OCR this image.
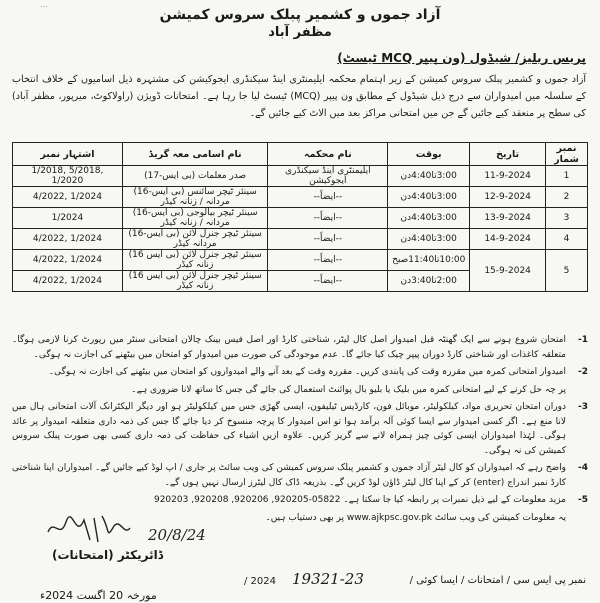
...
آزاد جموں و کشمیر پبلک سروس کمیشن
مظفر آباد
پریس ریلیز/ شیڈول (ون پیپر MCQ ٹیسٹ)
آزاد جموں و کشمیر پبلک سروس کمیشن کے زیر اہتمام محکمہ ایلیمنٹری اینڈ سیکنڈری ایجوکیشن کی مشتہرہ ذیل اسامیوں کے خلاف انتخاب کے سلسلہ میں امیدواران سے درج ذیل شیڈول کے مطابق ون پیپر (MCQ) ٹیسٹ لیا جا رہا ہے۔ امتحانات ڈویژن (راولاکوٹ، میرپور، مظفر آباد) کی سطح پر منعقد کیے جائیں گے جن میں امتحانی مراکز بعد میں الاٹ کیے جائیں گے۔
نمبر شمار	تاریخ	بوقت	نام محکمہ	نام اسامی معہ گریڈ	اشتہار نمبر
1	11-9-2024	3:00تا4:40دن	ایلیمنٹری اینڈ سیکنڈری ایجوکیشن	صدر معلمات (بی ایس-17)	1/2018, 5/2018, 1/2020
2	12-9-2024	3:00تا4:40دن	--ایضاً--	سینئر ٹیچر سائنس (بی ایس-16) مردانہ / زنانہ کیڈر	4/2022, 1/2024
3	13-9-2024	3:00تا4:40دن	--ایضاً--	سینئر ٹیچر بیالوجی (بی ایس-16) مردانہ / زنانہ کیڈر	1/2024
4	14-9-2024	3:00تا4:40دن	--ایضاً--	سینئر ٹیچر جنرل لائن (بی ایس-16) مردانہ کیڈر	4/2022, 1/2024
5	15-9-2024	10:00تا11:40صبح	--ایضاً--	سینئر ٹیچر جنرل لائن (بی ایس 16) زنانہ کیڈر	4/2022, 1/2024
		2:00تا3:40دن	--ایضاً--	سینئر ٹیچر جنرل لائن (بی ایس 16) زنانہ کیڈر	4/2022, 1/2024
1-
امتحان شروع ہونے سے ایک گھنٹہ قبل امیدوار اصل کال لیٹر، شناختی کارڈ اور اصل فیس بینک چالان امتحانی سنٹر میں رپورٹ کرنا لازمی ہوگا۔ متعلقہ کاغذات اور شناختی کارڈ دوران پیپر چیک کیا جائے گا۔ عدم موجودگی کی صورت میں امیدوار کو امتحان میں بیٹھنے کی اجازت نہ ہوگی۔
2-
امیدوار امتحانی کمرہ میں مقررہ وقت کی پابندی کریں۔ مقررہ وقت کے بعد آنے والے امیدواروں کو امتحان میں بیٹھنے کی اجازت نہ ہوگی۔
پر چہ حل کرنے کے لیے امتحانی کمرہ میں بلیک یا بلیو بال پوائنٹ استعمال کی جائے گی جس کا ساتھ لانا ضروری ہے۔
3-
دوران امتحان تحریری مواد، کیلکولیٹر، موبائل فون، کارڈیس ٹیلیفون، ایسی گھڑی جس میں کیلکولیٹر ہو اور دیگر الیکٹرانک آلات امتحانی ہال میں لانا منع ہے۔ اگر کسی امیدوار سے ایسا کوئی آلہ برآمد ہوا تو اس امیدوار کا پرچہ منسوخ کر دیا جائے گا جس کی ذمہ داری متعلقہ امیدوار پر عائد ہوگی۔ لہٰذا امیدواران ایسی کوئی چیز ہمراہ لانے سے گریز کریں۔ علاوہ ازیں اشیاء کی حفاظت کی ذمہ داری کسی بھی صورت پبلک سروس کمیشن کی نہ ہوگی۔
4-
واضح رہے کہ امیدواران کو کال لیٹر آزاد جموں و کشمیر پبلک سروس کمیشن کی ویب سائٹ پر جاری / اپ لوڈ کیے جائیں گے۔ امیدواران اپنا شناختی کارڈ نمبر اندراج (enter) کر کے اپنا کال لیٹر ڈاؤن لوڈ کریں گے۔ بذریعہ ڈاک کال لیٹرز ارسال نہیں ہوں گے۔
5-
مزید معلومات کے لیے ذیل نمبرات پر رابطہ کیا جا سکتا ہے۔ 05822-920205, 920206, 920208, 920203
یہ معلومات کمیشن کی ویب سائٹ www.ajkpsc.gov.pk پر بھی دستیاب ہیں۔
20/8/24
ڈائریکٹر (امتحانات)
نمبر پی ایس سی / امتحانات / ایسا کوئی /
19321-23
/ 2024
مورخہ 20 اگست 2024ء
